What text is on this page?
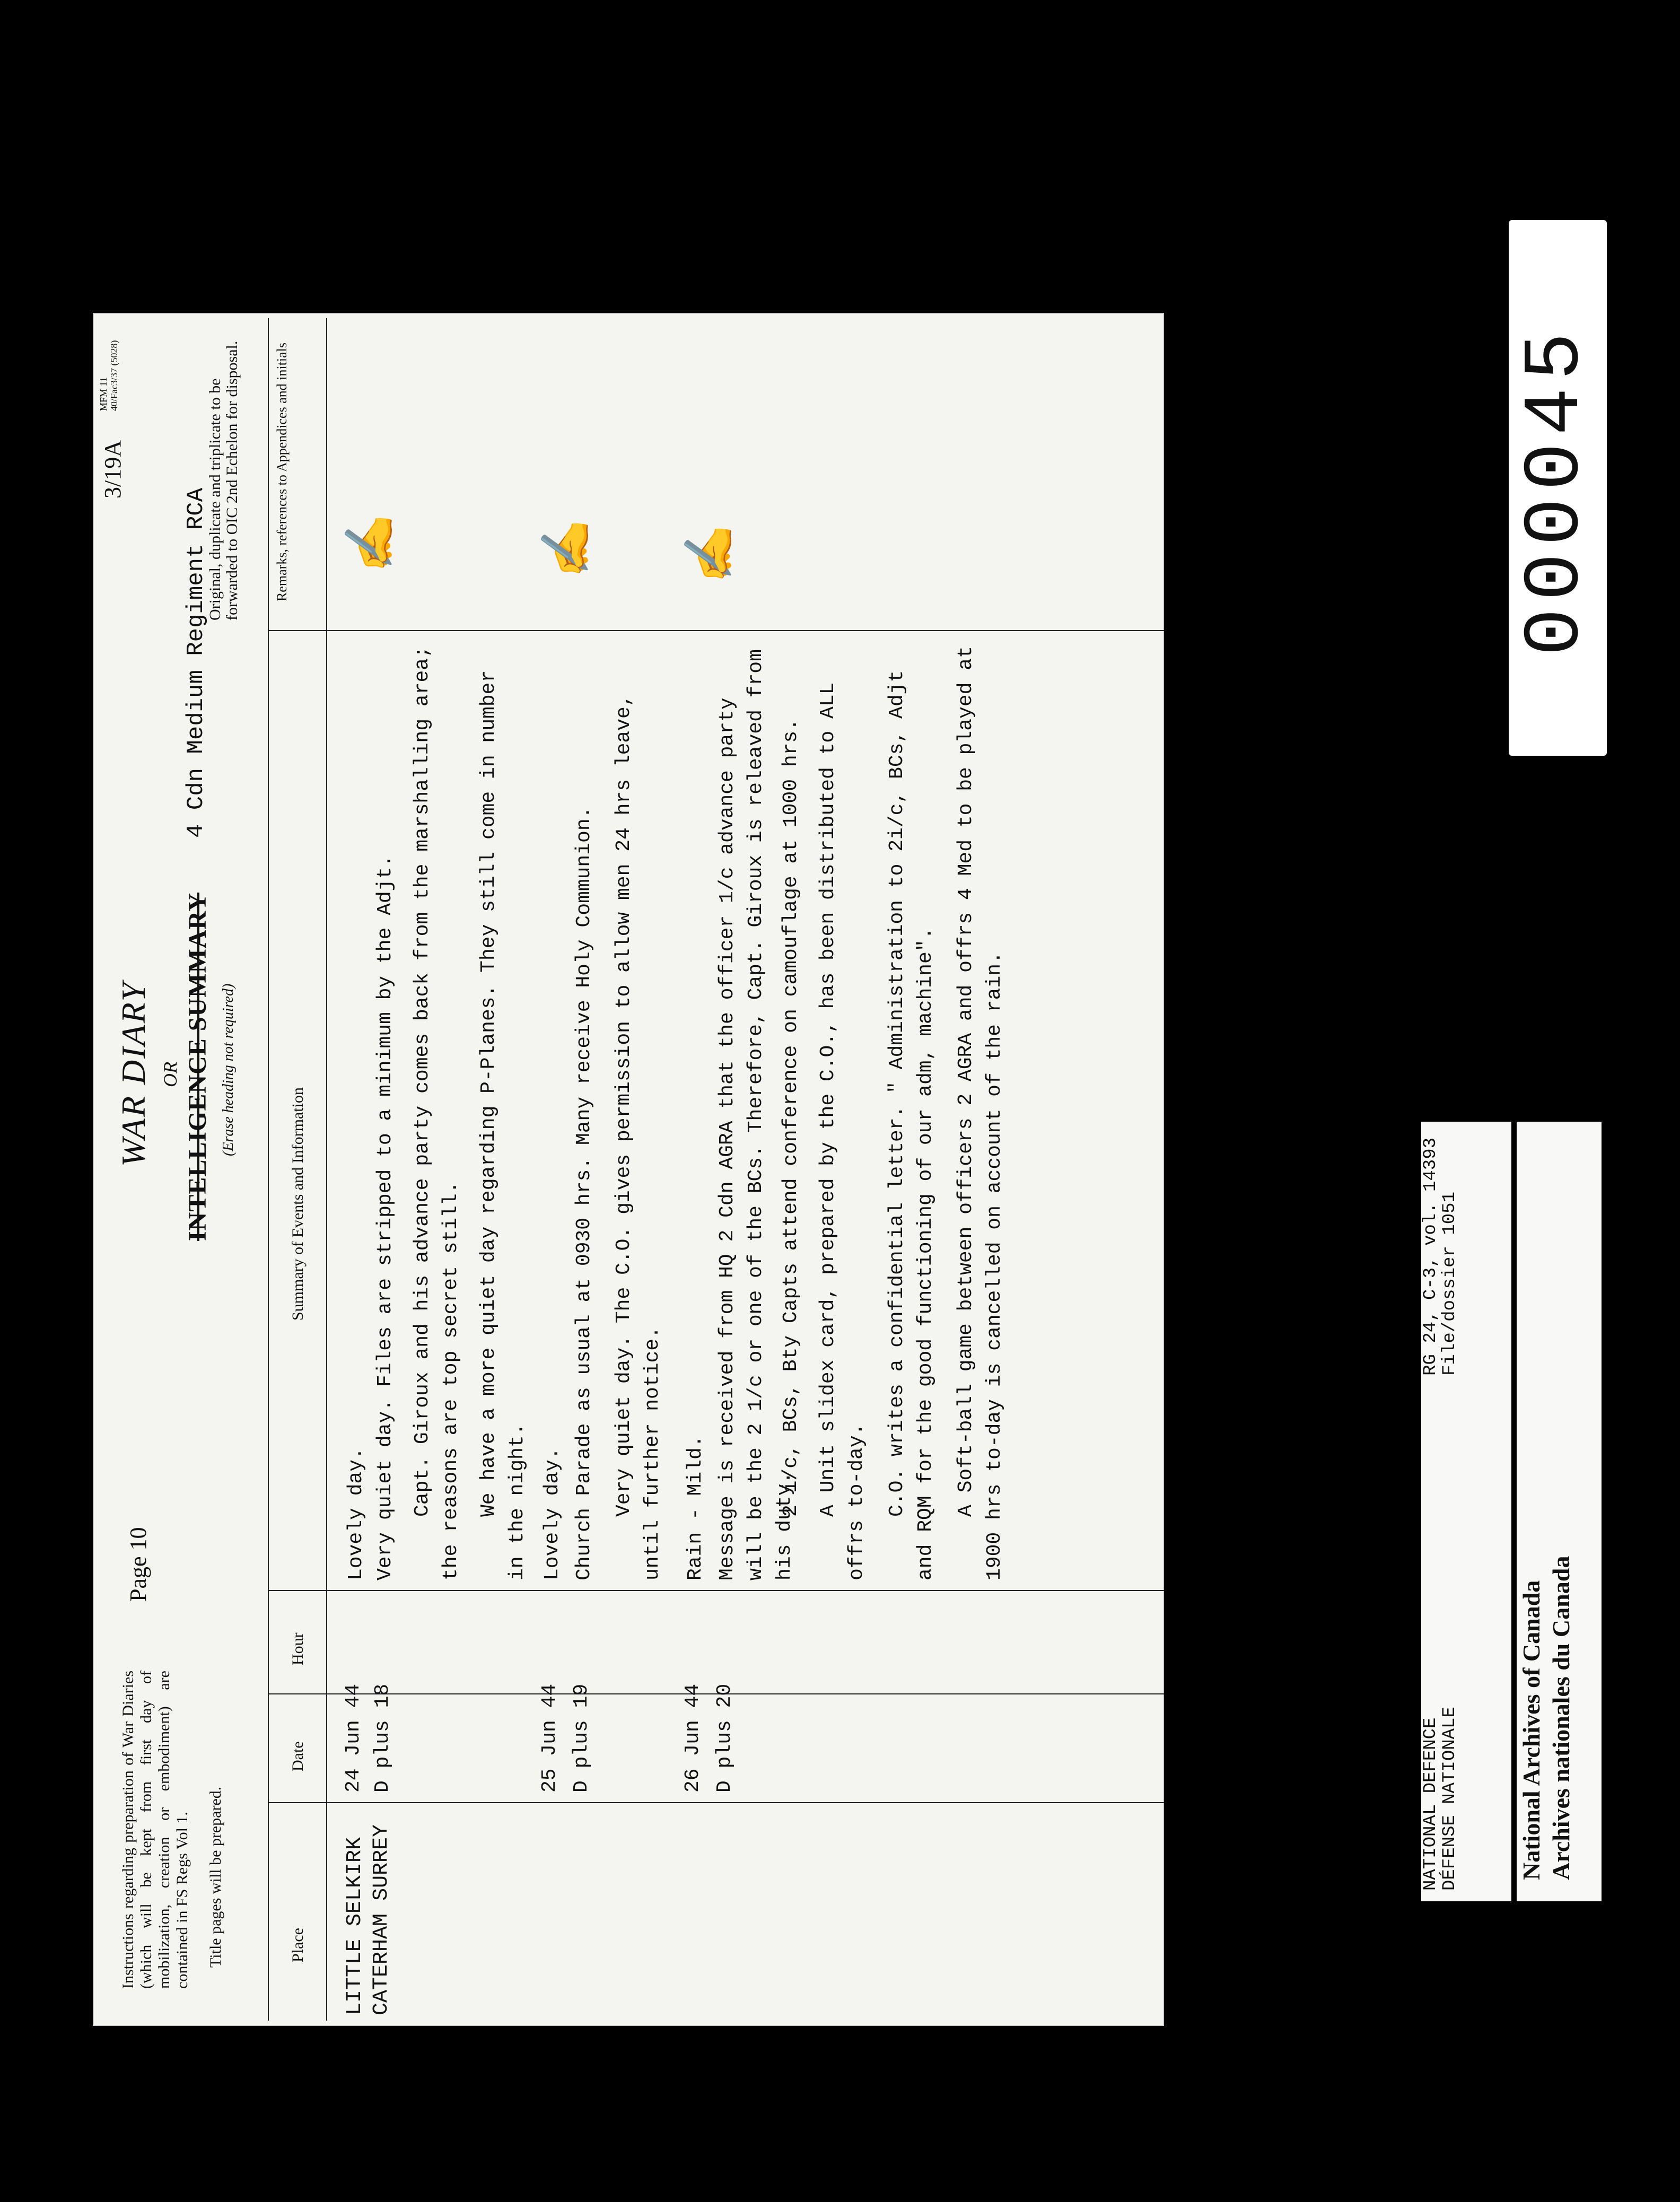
Instructions regarding preparation of War Diaries (which will be kept from first day of mobilization, creation or embodiment) are contained in FS Regs Vol 1. Title pages will be prepared.
Page 10
WAR DIARY OR INTELLIGENCE SUMMARY (Erase heading not required)
4 Cdn Medium Regiment RCA
3/19A
MFM 11
40/Fac3/37 (5028)
Original, duplicate and triplicate to be forwarded to OIC 2nd Echelon for disposal.
Place
Date
Hour
Summary of Events and Information
Remarks, references to Appendices and initials
LITTLE SELKIRK
CATERHAM SURREY
24 Jun 44 D plus 18
Lovely day. Very quiet day. Files are stripped to a minimum by the Adjt. Capt. Giroux and his advance party comes back from the marshalling area; the reasons are top secret still. We have a more quiet day regarding P-Planes. They still come in number in the night.
25 Jun 44 D plus 19
Lovely day. Church Parade as usual at 0930 hrs. Many receive Holy Communion. Very quiet day. The C.O. gives permission to allow men 24 hrs leave, until further notice.
26 Jun 44 D plus 20
Rain - Mild. Message is received from HQ 2 Cdn AGRA that the officer 1/c advance party will be the 2 1/c or one of the BCs. Therefore, Capt. Giroux is releaved from his duty.
2 i/c, BCs, Bty Capts attend conference on camouflage at 1000 hrs. A Unit slidex card, prepared by the C.O., has been distributed to ALL offrs to-day. C.O. writes a confidential letter. " Administration to 2i/c, BCs, Adjt and RQM for the good functioning of our adm, machine". A Soft-ball game between officers 2 AGRA and offrs 4 Med to be played at 1900 hrs to-day is cancelled on account of the rain.
✍	✍ ✍	000045
NATIONAL DEFENCE
DÉFENSE NATIONALE
RG 24, C-3, vol. 14393
File/dossier 1051
National Archives of Canada Archives nationales du Canada
